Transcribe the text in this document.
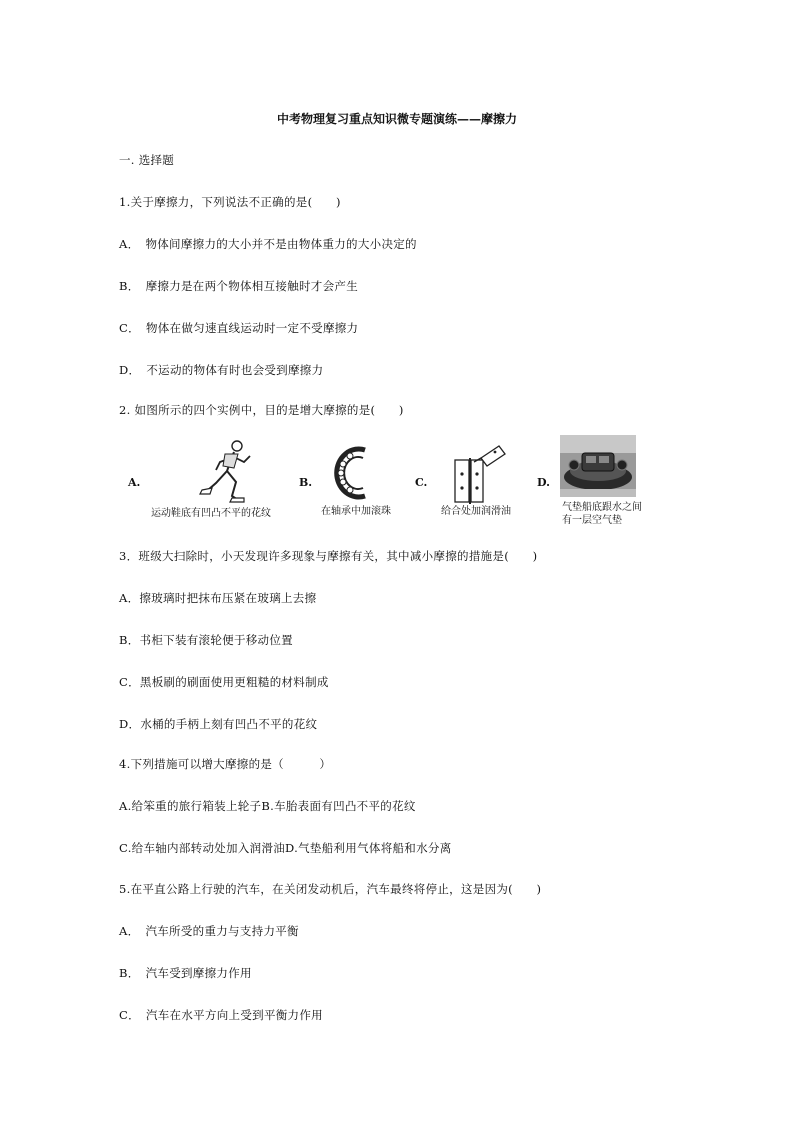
中考物理复习重点知识微专题演练——摩擦力
一. 选择题
1.关于摩擦力，下列说法不正确的是(　　)
A．　物体间摩擦力的大小并不是由物体重力的大小决定的
B．　摩擦力是在两个物体相互接触时才会产生
C．　物体在做匀速直线运动时一定不受摩擦力
D．　不运动的物体有时也会受到摩擦力
2. 如图所示的四个实例中，目的是增大摩擦的是(　　)
A.
运动鞋底有凹凸不平的花纹
B.
在轴承中加滚珠
C.
给合处加润滑油
D.
气垫船底跟水之间
有一层空气垫
3．班级大扫除时，小天发现许多现象与摩擦有关，其中减小摩擦的措施是(　　)
A．擦玻璃时把抹布压紧在玻璃上去擦
B．书柜下装有滚轮便于移动位置
C．黑板刷的刷面使用更粗糙的材料制成
D．水桶的手柄上刻有凹凸不平的花纹
4.下列措施可以增大摩擦的是（　　　）
A.给笨重的旅行箱装上轮子B.车胎表面有凹凸不平的花纹
C.给车轴内部转动处加入润滑油D.气垫船利用气体将船和水分离
5.在平直公路上行驶的汽车，在关闭发动机后，汽车最终将停止，这是因为(　　)
A．　汽车所受的重力与支持力平衡
B．　汽车受到摩擦力作用
C．　汽车在水平方向上受到平衡力作用
